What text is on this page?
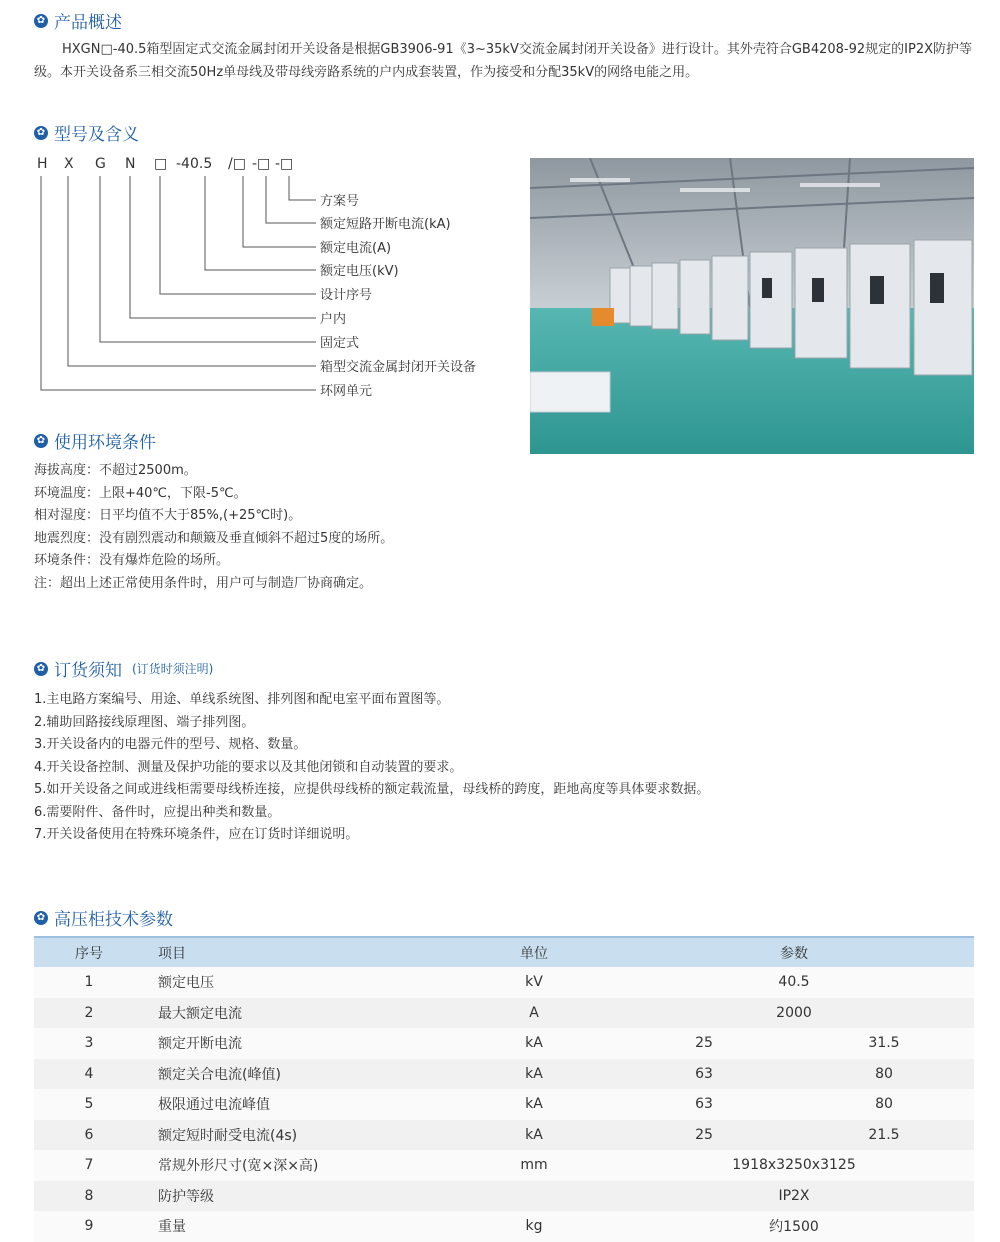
✿ 产品概述
HXGN□-40.5箱型固定式交流金属封闭开关设备是根据GB3906-91《3~35kV交流金属封闭开关设备》进行设计。其外壳符合GB4208-92规定的IP2X防护等级。本开关设备系三相交流50Hz单母线及带母线旁路系统的户内成套装置，作为接受和分配35kV的网络电能之用。
✿ 型号及含义
H X G N □ -40.5 /□ -□ -□
方案号
额定短路开断电流(kA)
额定电流(A)
额定电压(kV)
设计序号
户内
固定式
箱型交流金属封闭开关设备
环网单元
✿ 使用环境条件
海拔高度：不超过2500m。
环境温度：上限+40℃，下限-5℃。
相对湿度：日平均值不大于85%,(+25℃时)。
地震烈度：没有剧烈震动和颠簸及垂直倾斜不超过5度的场所。
环境条件：没有爆炸危险的场所。
注：超出上述正常使用条件时，用户可与制造厂协商确定。
✿ 订货须知 (订货时须注明)
1.主电路方案编号、用途、单线系统图、排列图和配电室平面布置图等。
2.辅助回路接线原理图、端子排列图。
3.开关设备内的电器元件的型号、规格、数量。
4.开关设备控制、测量及保护功能的要求以及其他闭锁和自动装置的要求。
5.如开关设备之间或进线柜需要母线桥连接，应提供母线桥的额定载流量，母线桥的跨度，距地高度等具体要求数据。
6.需要附件、备件时，应提出种类和数量。
7.开关设备使用在特殊环境条件，应在订货时详细说明。
✿ 高压柜技术参数
序号	项目	单位	参数	
1	额定电压	kV	40.5	
2	最大额定电流	A	2000	
3	额定开断电流	kA	25	31.5
4	额定关合电流(峰值)	kA	63	80
5	极限通过电流峰值	kA	63	80
6	额定短时耐受电流(4s)	kA	25	21.5
7	常规外形尺寸(宽×深×高)	mm	1918x3250x3125	
8	防护等级		IP2X	
9	重量	kg	约1500	
